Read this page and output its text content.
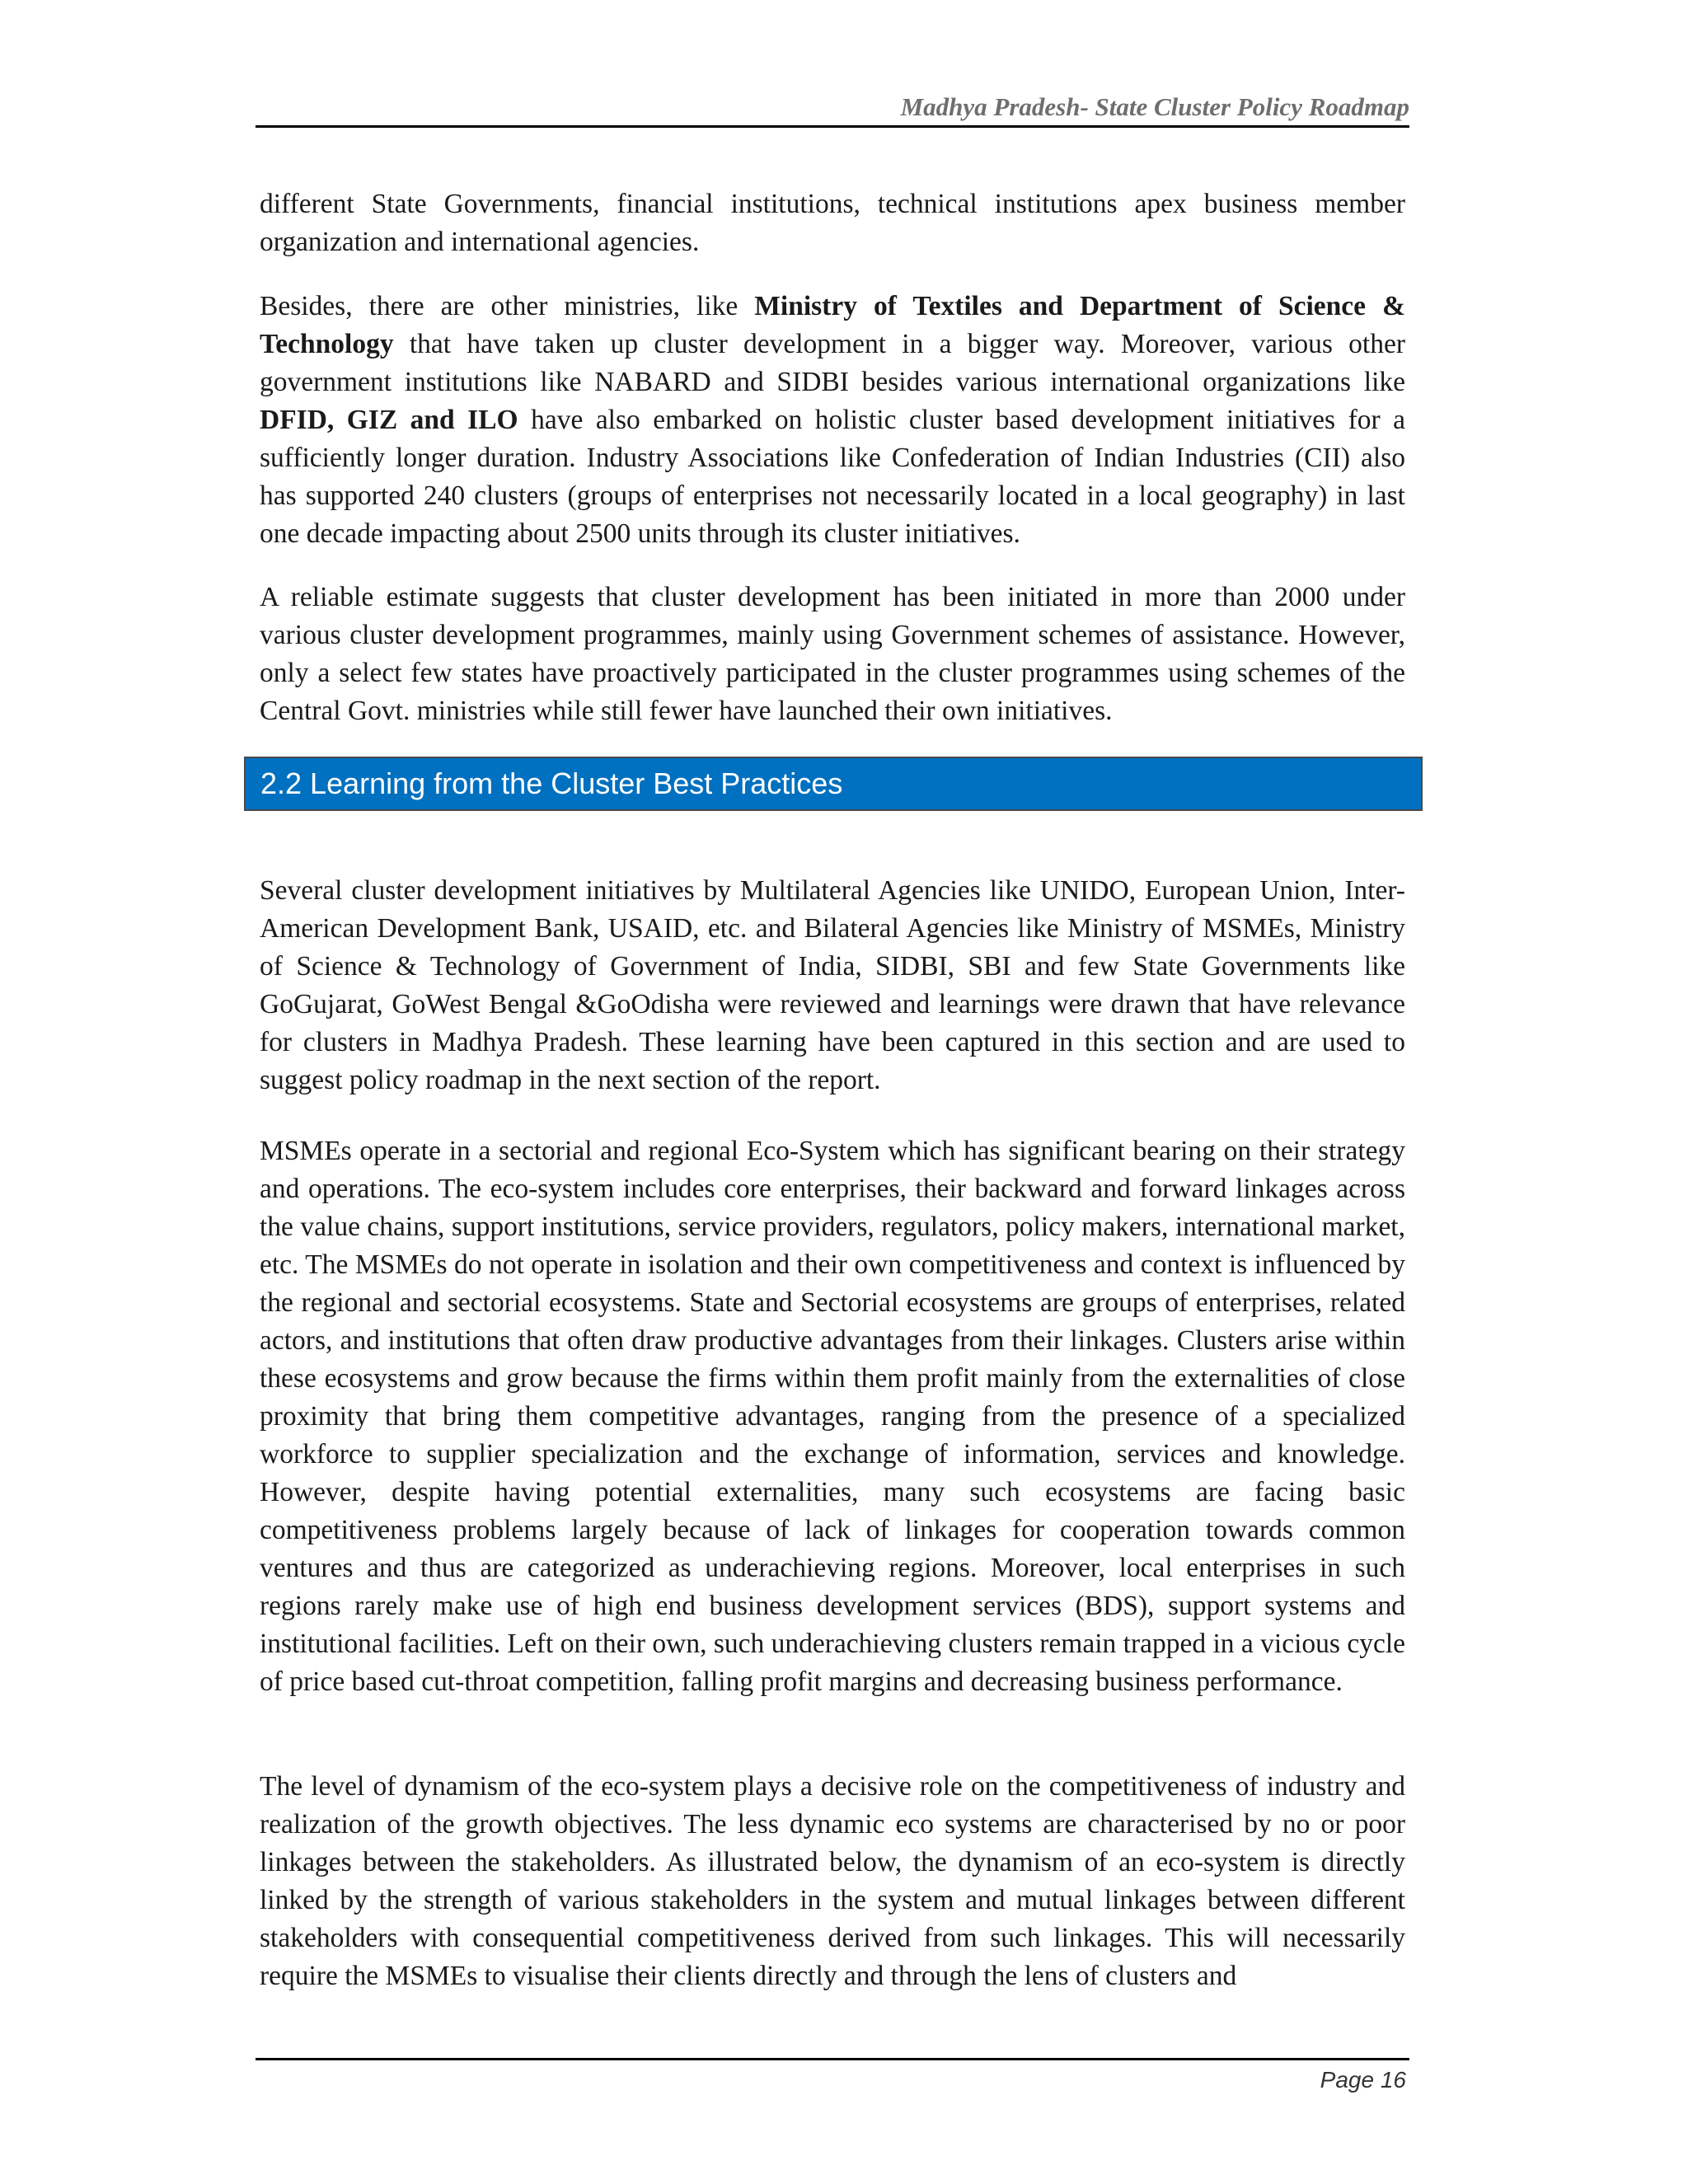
Madhya Pradesh- State Cluster Policy Roadmap

different State Governments, financial institutions, technical institutions apex business member organization and international agencies.

Besides, there are other ministries, like Ministry of Textiles and Department of Science & Technology that have taken up cluster development in a bigger way. Moreover, various other government institutions like NABARD and SIDBI besides various international organizations like DFID, GIZ and ILO have also embarked on holistic cluster based development initiatives for a sufficiently longer duration. Industry Associations like Confederation of Indian Industries (CII) also has supported 240 clusters (groups of enterprises not necessarily located in a local geography) in last one decade impacting about 2500 units through its cluster initiatives.

A reliable estimate suggests that cluster development has been initiated in more than 2000 under various cluster development programmes, mainly using Government schemes of assistance. However, only a select few states have proactively participated in the cluster programmes using schemes of the Central Govt. ministries while still fewer have launched their own initiatives.

2.2 Learning from the Cluster Best Practices

Several cluster development initiatives by Multilateral Agencies like UNIDO, European Union, Inter-American Development Bank, USAID, etc. and Bilateral Agencies like Ministry of MSMEs, Ministry of Science & Technology of Government of India, SIDBI, SBI and few State Governments like GoGujarat, GoWest Bengal &GoOdisha were reviewed and learnings were drawn that have relevance for clusters in Madhya Pradesh. These learning have been captured in this section and are used to suggest policy roadmap in the next section of the report.

MSMEs operate in a sectorial and regional Eco-System which has significant bearing on their strategy and operations. The eco-system includes core enterprises, their backward and forward linkages across the value chains, support institutions, service providers, regulators, policy makers, international market, etc. The MSMEs do not operate in isolation and their own competitiveness and context is influenced by the regional and sectorial ecosystems. State and Sectorial ecosystems are groups of enterprises, related actors, and institutions that often draw productive advantages from their linkages. Clusters arise within these ecosystems and grow because the firms within them profit mainly from the externalities of close proximity that bring them competitive advantages, ranging from the presence of a specialized workforce to supplier specialization and the exchange of information, services and knowledge. However, despite having potential externalities, many such ecosystems are facing basic competitiveness problems largely because of lack of linkages for cooperation towards common ventures and thus are categorized as underachieving regions. Moreover, local enterprises in such regions rarely make use of high end business development services (BDS), support systems and institutional facilities. Left on their own, such underachieving clusters remain trapped in a vicious cycle of price based cut-throat competition, falling profit margins and decreasing business performance.

The level of dynamism of the eco-system plays a decisive role on the competitiveness of industry and realization of the growth objectives. The less dynamic eco systems are characterised by no or poor linkages between the stakeholders. As illustrated below, the dynamism of an eco-system is directly linked by the strength of various stakeholders in the system and mutual linkages between different stakeholders with consequential competitiveness derived from such linkages. This will necessarily require the MSMEs to visualise their clients directly and through the lens of clusters and

Page 16
